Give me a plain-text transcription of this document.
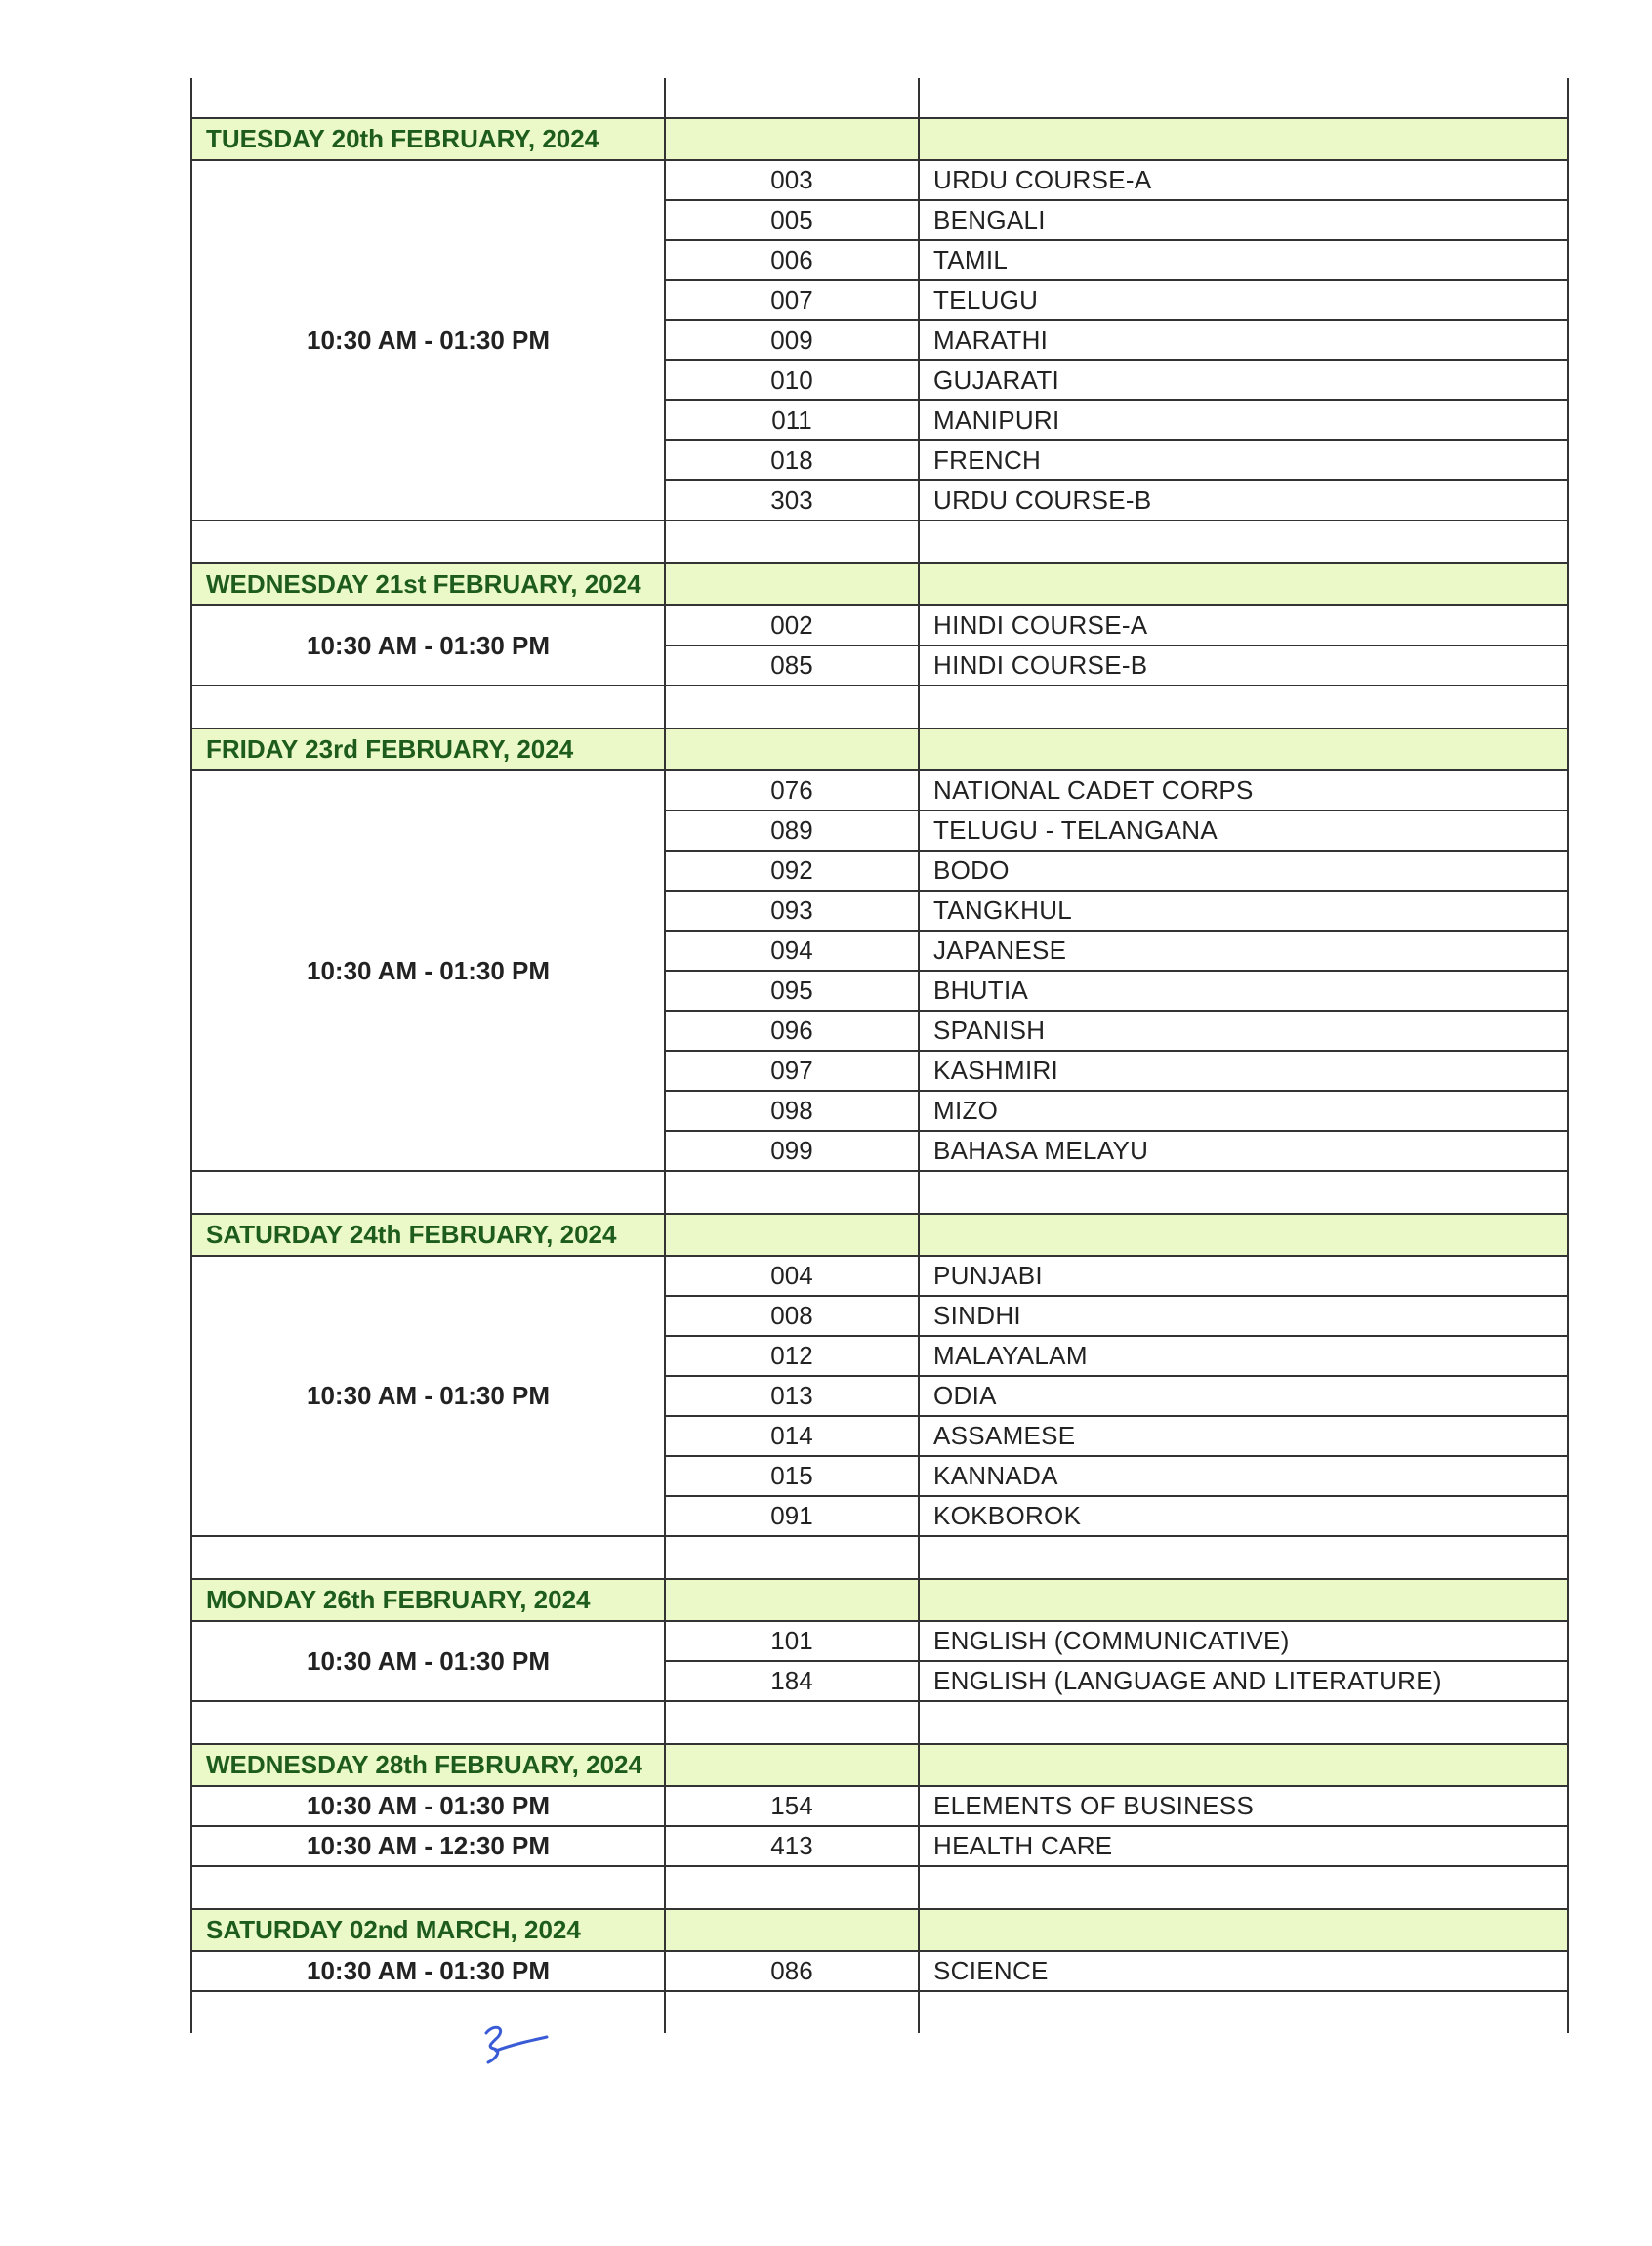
TUESDAY 20th FEBRUARY, 2024		
10:30 AM - 01:30 PM	003	URDU COURSE-A
	005	BENGALI
	006	TAMIL
	007	TELUGU
	009	MARATHI
	010	GUJARATI
	011	MANIPURI
	018	FRENCH
	303	URDU COURSE-B

WEDNESDAY 21st FEBRUARY, 2024		
10:30 AM - 01:30 PM	002	HINDI COURSE-A
	085	HINDI COURSE-B

FRIDAY 23rd FEBRUARY, 2024		
10:30 AM - 01:30 PM	076	NATIONAL CADET CORPS
	089	TELUGU - TELANGANA
	092	BODO
	093	TANGKHUL
	094	JAPANESE
	095	BHUTIA
	096	SPANISH
	097	KASHMIRI
	098	MIZO
	099	BAHASA MELAYU

SATURDAY 24th FEBRUARY, 2024		
10:30 AM - 01:30 PM	004	PUNJABI
	008	SINDHI
	012	MALAYALAM
	013	ODIA
	014	ASSAMESE
	015	KANNADA
	091	KOKBOROK

MONDAY 26th FEBRUARY, 2024		
10:30 AM - 01:30 PM	101	ENGLISH (COMMUNICATIVE)
	184	ENGLISH (LANGUAGE AND LITERATURE)

WEDNESDAY 28th FEBRUARY, 2024		
10:30 AM - 01:30 PM	154	ELEMENTS OF BUSINESS
10:30 AM - 12:30 PM	413	HEALTH CARE

SATURDAY 02nd MARCH, 2024		
10:30 AM - 01:30 PM	086	SCIENCE
